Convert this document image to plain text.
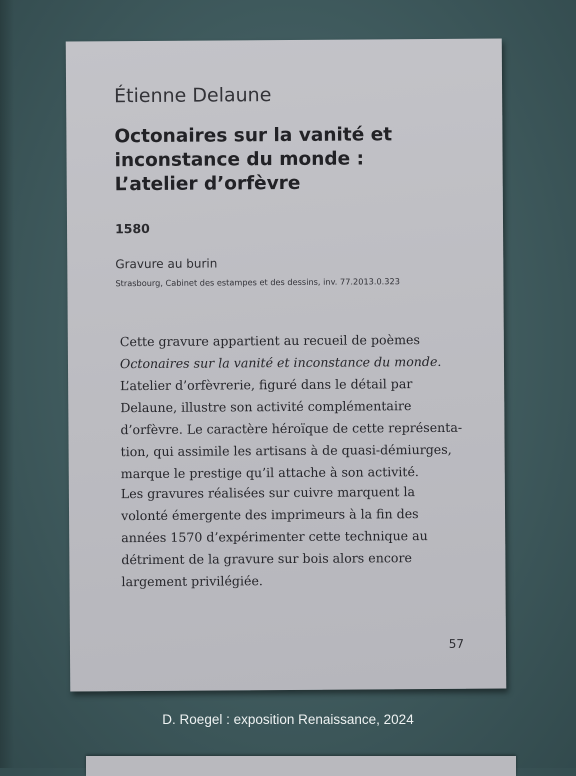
Étienne Delaune
Octonaires sur la vanité et
inconstance du monde :
L’atelier d’orfèvre
1580
Gravure au burin
Strasbourg, Cabinet des estampes et des dessins, inv. 77.2013.0.323
Cette gravure appartient au recueil de poèmes
Octonaires sur la vanité et inconstance du monde.
L’atelier d’orfèvrerie, figuré dans le détail par
Delaune, illustre son activité complémentaire
d’orfèvre. Le caractère héroïque de cette représenta-
tion, qui assimile les artisans à de quasi-démiurges,
marque le prestige qu’il attache à son activité.
Les gravures réalisées sur cuivre marquent la
volonté émergente des imprimeurs à la fin des
années 1570 d’expérimenter cette technique au
détriment de la gravure sur bois alors encore
largement privilégiée.
57
D. Roegel : exposition Renaissance, 2024
